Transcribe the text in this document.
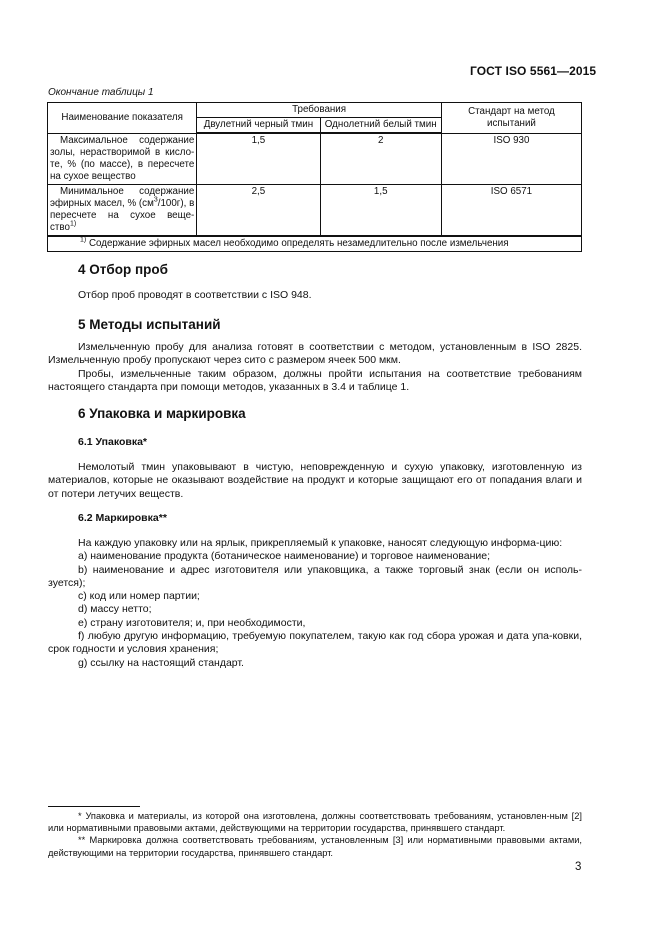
ГОСТ ISO 5561—2015
Окончание таблицы 1
Наименование показателя	Требования		Стандарт на метод испытаний
	Двулетний черный тмин	Однолетний белый тмин	

Максимальное содержание золы, нерастворимой в кисло-те, % (по массе), в пересчете на сухое вещество	1,5	2	ISO 930

Минимальное содержание эфирных масел, % $(см^3/100г)$, в пересчете на сухое веще-ство$^{1)}$	2,5	1,5	ISO 6571
$^{1)}$ Содержание эфирных масел необходимо определять незамедлительно после измельчения			
4 Отбор проб

Отбор проб проводят в соответствии с ISO 948.

5 Методы испытаний

Измельченную пробу для анализа готовят в соответствии с методом, установленным в ISO 2825. Измельченную пробу пропускают через сито с размером ячеек 500 мкм.

Пробы, измельченные таким образом, должны пройти испытания на соответствие требованиям настоящего стандарта при помощи методов, указанных в 3.4 и таблице 1.

6 Упаковка и маркировка
6.1 Упаковка*

Немолотый тмин упаковывают в чистую, неповрежденную и сухую упаковку, изготовленную из материалов, которые не оказывают воздействие на продукт и которые защищают его от попадания влаги и от потери летучих веществ.

6.2 Маркировка**

На каждую упаковку или на ярлык, прикрепляемый к упаковке, наносят следующую информа-цию:

a) наименование продукта (ботаническое наименование) и торговое наименование;

b) наименование и адрес изготовителя или упаковщика, а также торговый знак (если он исполь-зуется);

c) код или номер партии;

d) массу нетто;

e) страну изготовителя; и, при необходимости,

f) любую другую информацию, требуемую покупателем, такую как год сбора урожая и дата упа-ковки, срок годности и условия хранения;

g) ссылку на настоящий стандарт.

* Упаковка и материалы, из которой она изготовлена, должны соответствовать требованиям, установлен-ным [2] или нормативными правовыми актами, действующими на территории государства, принявшего стандарт.

** Маркировка должна соответствовать требованиям, установленным [3] или нормативными правовыми актами, действующими на территории государства, принявшего стандарт.

3
